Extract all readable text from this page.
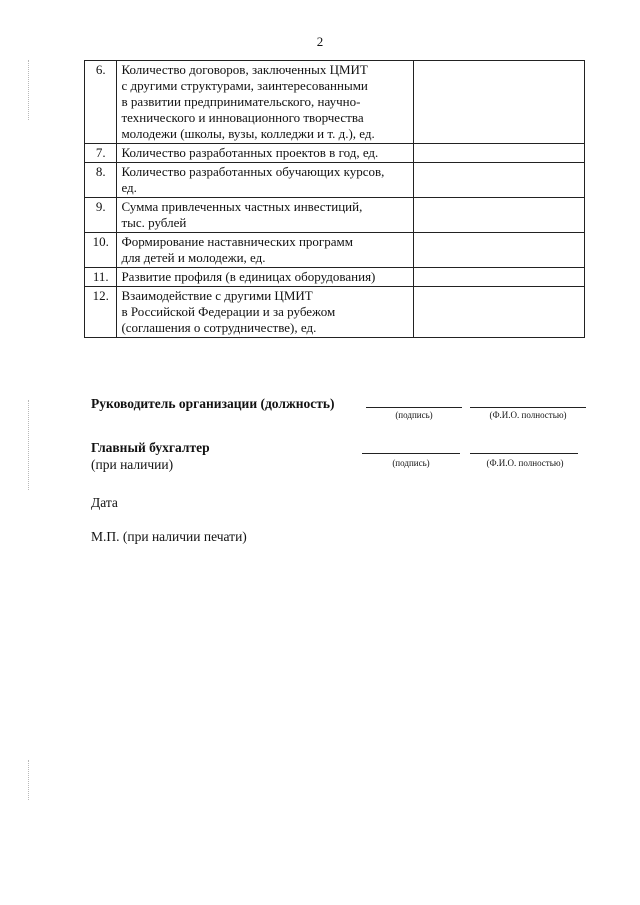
2
6.	Количество договоров, заключенных ЦМИТ
с другими структурами, заинтересованными
в развитии предпринимательского, научно-
технического и инновационного творчества
молодежи (школы, вузы, колледжи и т. д.), ед.	

7.	Количество разработанных проектов в год, ед.	

8.	Количество разработанных обучающих курсов,
ед.	

9.	Сумма привлеченных частных инвестиций,
тыс. рублей	

10.	Формирование наставнических программ
для детей и молодежи, ед.	

11.	Развитие профиля (в единицах оборудования)	

12.	Взаимодействие с другими ЦМИТ
в Российской Федерации и за рубежом
(соглашения о сотрудничестве), ед.	

Руководитель организации (должность)
(подпись)	(Ф.И.О. полностью)
Главный бухгалтер
(при наличии)	(подпись)	(Ф.И.О. полностью)
Дата
М.П. (при наличии печати)
